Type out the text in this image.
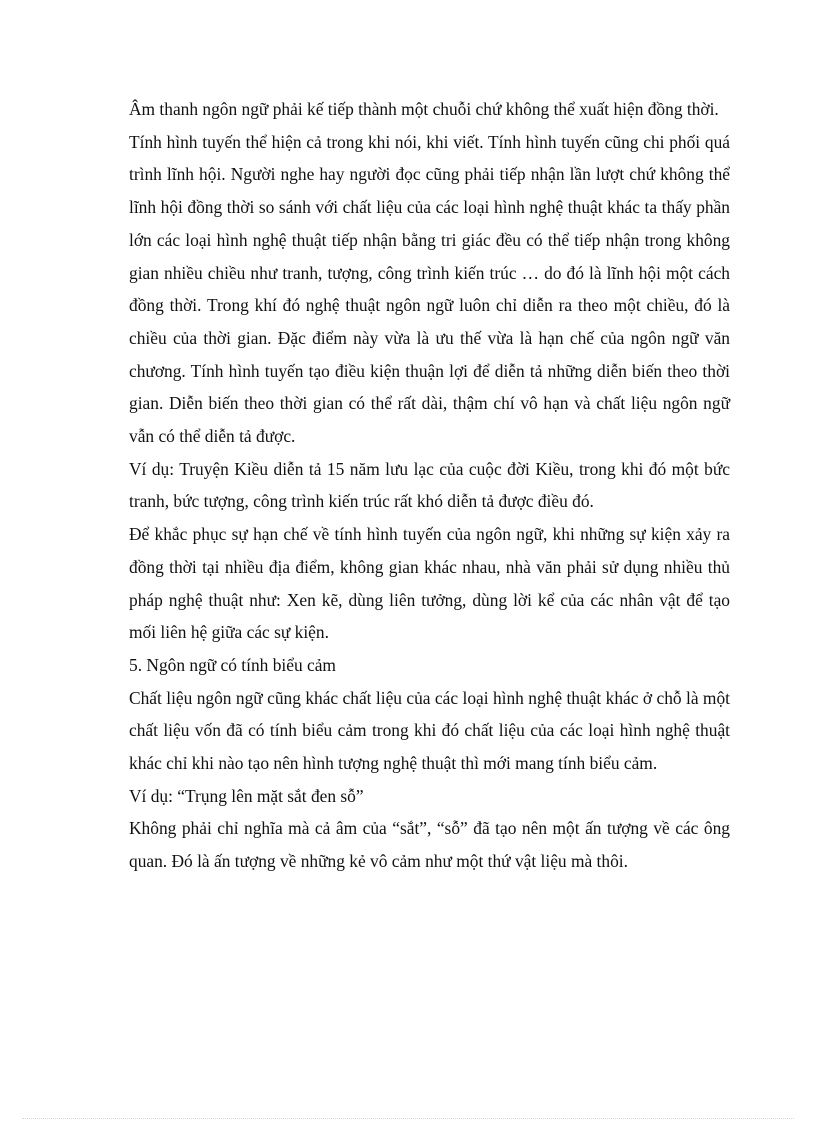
Âm thanh ngôn ngữ phải kế tiếp thành một chuỗi chứ không thể xuất hiện đồng thời.

Tính hình tuyến thể hiện cả trong khi nói, khi viết. Tính hình tuyến cũng chi phối quá trình lĩnh hội. Người nghe hay người đọc cũng phải tiếp nhận lần lượt chứ không thể lĩnh hội đồng thời so sánh với chất liệu của các loại hình nghệ thuật khác ta thấy phần lớn các loại hình nghệ thuật tiếp nhận bằng tri giác đều có thể tiếp nhận trong không gian nhiều chiều như tranh, tượng, công trình kiến trúc … do đó là lĩnh hội một cách đồng thời. Trong khí đó nghệ thuật ngôn ngữ luôn chỉ diễn ra theo một chiều, đó là chiều của thời gian. Đặc điểm này vừa là ưu thế vừa là hạn chế của ngôn ngữ văn chương. Tính hình tuyến tạo điều kiện thuận lợi để diễn tả những diễn biến theo thời gian. Diễn biến theo thời gian có thể rất dài, thậm chí vô hạn và chất liệu ngôn ngữ vẫn có thể diễn tả được.

Ví dụ: Truyện Kiều diễn tả 15 năm lưu lạc của cuộc đời Kiều, trong khi đó một bức tranh, bức tượng, công trình kiến trúc rất khó diễn tả được điều đó.

Để khắc phục sự hạn chế về tính hình tuyến của ngôn ngữ, khi những sự kiện xảy ra đồng thời tại nhiều địa điểm, không gian khác nhau, nhà văn phải sử dụng nhiều thủ pháp nghệ thuật như: Xen kẽ, dùng liên tưởng, dùng lời kể của các nhân vật để tạo mối liên hệ giữa các sự kiện.

5. Ngôn ngữ có tính biểu cảm

Chất liệu ngôn ngữ cũng khác chất liệu của các loại hình nghệ thuật khác ở chỗ là một chất liệu vốn đã có tính biểu cảm trong khi đó chất liệu của các loại hình nghệ thuật khác chỉ khi nào tạo nên hình tượng nghệ thuật thì mới mang tính biểu cảm.

Ví dụ: “Trụng lên mặt sắt đen sỗ”

Không phải chỉ nghĩa mà cả âm của “sắt”, “sỗ” đã tạo nên một ấn tượng về các ông quan. Đó là ấn tượng về những kẻ vô cảm như một thứ vật liệu mà thôi.
